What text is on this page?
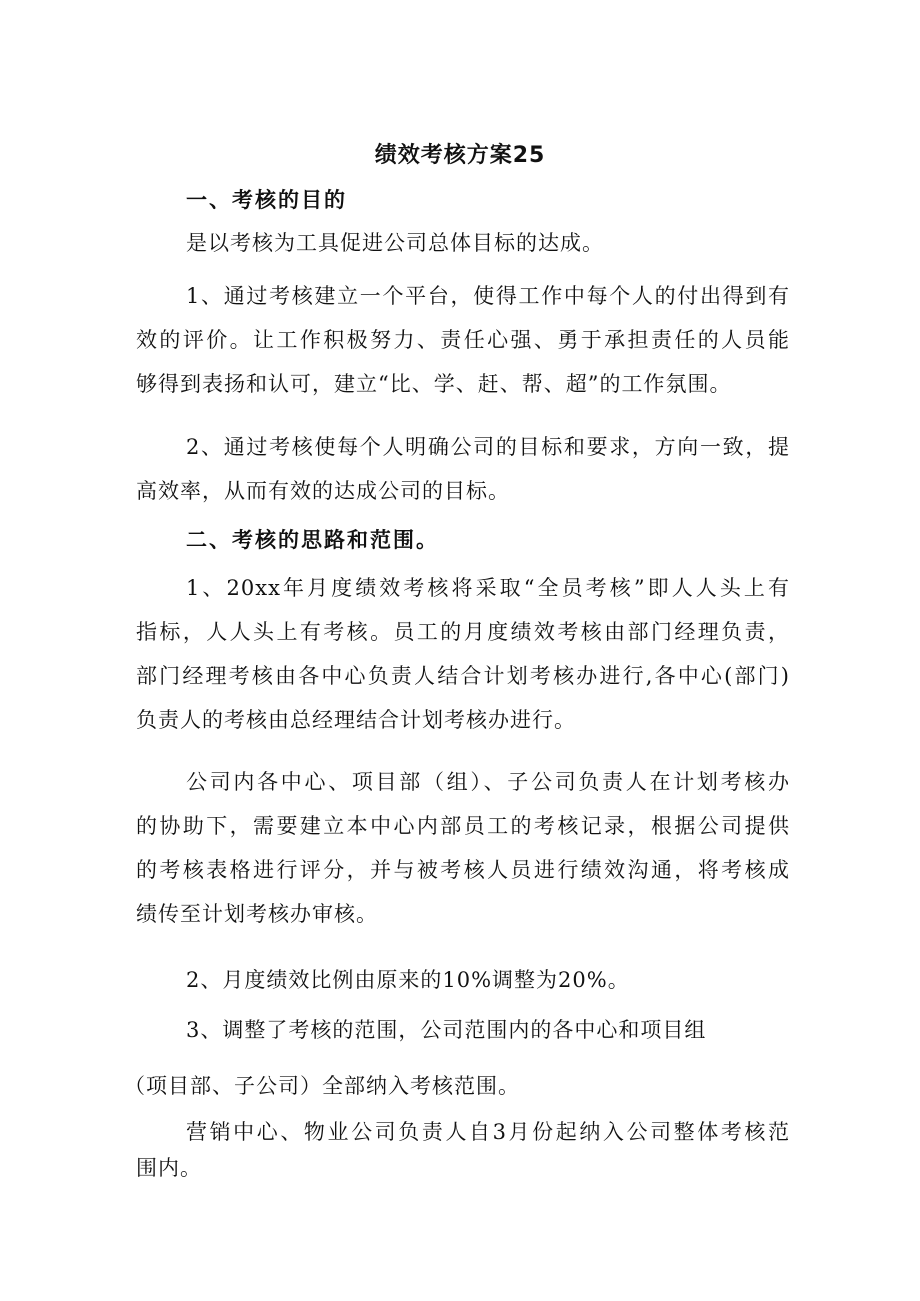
绩效考核方案25
一、考核的目的
是以考核为工具促进公司总体目标的达成。
1、通过考核建立一个平台，使得工作中每个人的付出得到有
效的评价。让工作积极努力、责任心强、勇于承担责任的人员能
够得到表扬和认可，建立“比、学、赶、帮、超”的工作氛围。
2、通过考核使每个人明确公司的目标和要求，方向一致，提
高效率，从而有效的达成公司的目标。
二、考核的思路和范围。
1、20xx年月度绩效考核将采取“全员考核”即人人头上有
指标，人人头上有考核。员工的月度绩效考核由部门经理负责，
部门经理考核由各中心负责人结合计划考核办进行,各中心(部门)
负责人的考核由总经理结合计划考核办进行。
公司内各中心、项目部（组）、子公司负责人在计划考核办
的协助下，需要建立本中心内部员工的考核记录，根据公司提供
的考核表格进行评分，并与被考核人员进行绩效沟通，将考核成
绩传至计划考核办审核。
2、月度绩效比例由原来的10%调整为20%。
3、调整了考核的范围，公司范围内的各中心和项目组
（项目部、子公司）全部纳入考核范围。
营销中心、物业公司负责人自3月份起纳入公司整体考核范
围内。
